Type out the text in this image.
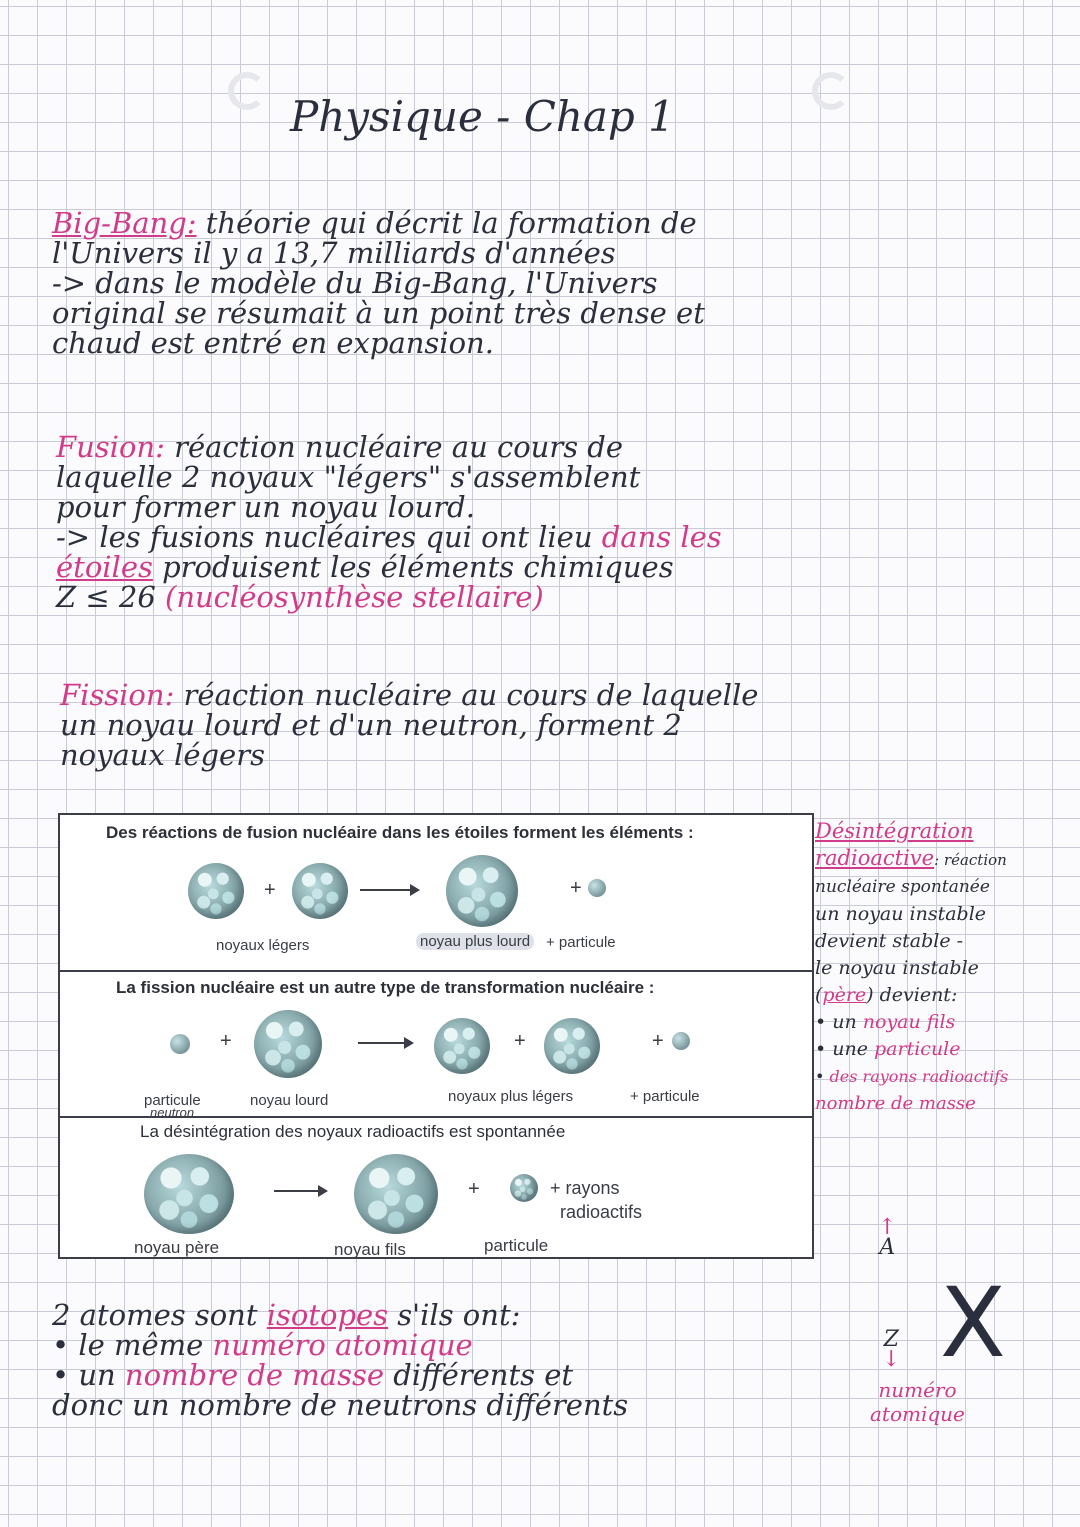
Physique - Chap 1
Big-Bang: théorie qui décrit la formation de
l'Univers il y a 13,7 milliards d'années
-> dans le modèle du Big-Bang, l'Univers
original se résumait à un point très dense et
chaud est entré en expansion.
Fusion: réaction nucléaire au cours de
laquelle 2 noyaux "légers" s'assemblent
pour former un noyau lourd.
-> les fusions nucléaires qui ont lieu dans les
étoiles produisent les éléments chimiques
Z ≤ 26 (nucléosynthèse stellaire)
Fission: réaction nucléaire au cours de laquelle
un noyau lourd et d'un neutron, forment 2
noyaux légers
Des réactions de fusion nucléaire dans les étoiles forment les éléments :
+	+
noyaux légers	noyau plus lourd + particule
La fission nucléaire est un autre type de transformation nucléaire :
+	+	+
particule
neutron
noyau lourd	noyaux plus légers	+ particule
La désintégration des noyaux radioactifs est spontannée
+	+ rayons
radioactifs
noyau père	noyau fils	particule
Désintégration
radioactive: réaction
nucléaire spontanée
un noyau instable
devient stable -
le noyau instable
(père) devient:
• un noyau fils
• une particule
• des rayons radioactifs
nombre de masse
↑
A
X
Z
↓
numéro
atomique
2 atomes sont isotopes s'ils ont:
• le même numéro atomique
• un nombre de masse différents et
donc un nombre de neutrons différents
